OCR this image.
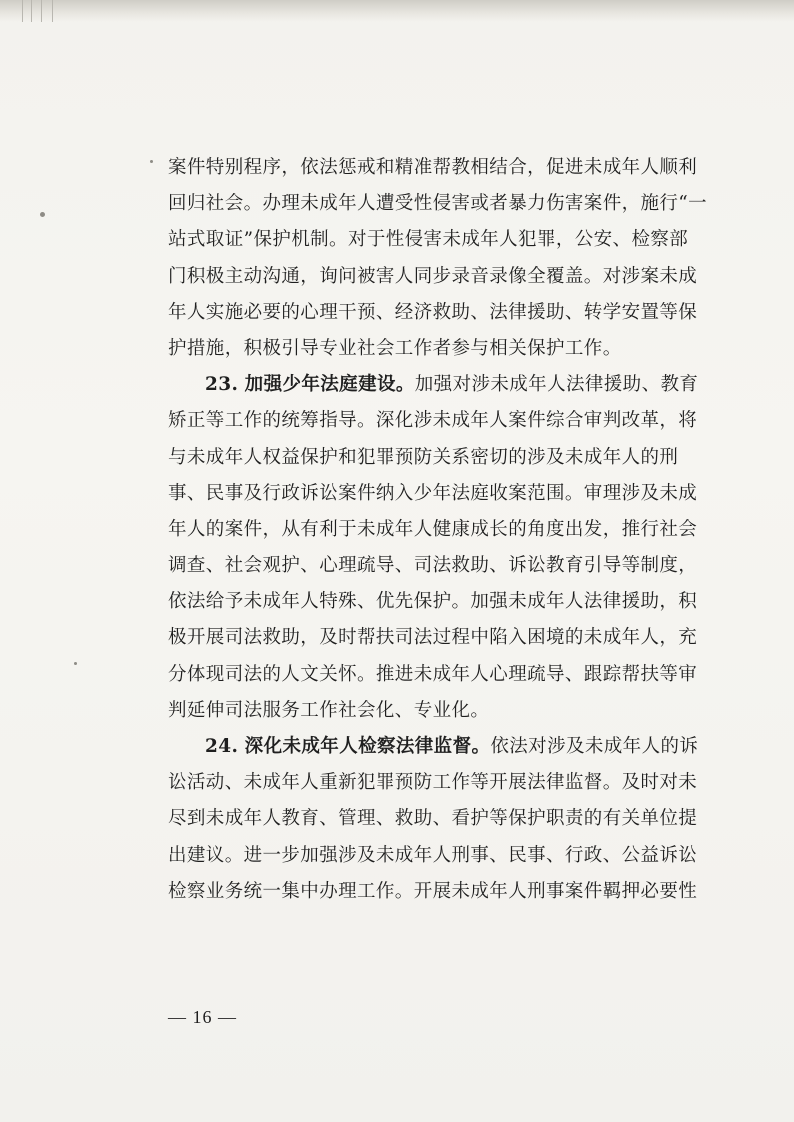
案件特别程序，依法惩戒和精准帮教相结合，促进未成年人顺利
回归社会。办理未成年人遭受性侵害或者暴力伤害案件，施行“一
站式取证”保护机制。对于性侵害未成年人犯罪，公安、检察部
门积极主动沟通，询问被害人同步录音录像全覆盖。对涉案未成
年人实施必要的心理干预、经济救助、法律援助、转学安置等保
护措施，积极引导专业社会工作者参与相关保护工作。
23. 加强少年法庭建设。加强对涉未成年人法律援助、教育
矫正等工作的统筹指导。深化涉未成年人案件综合审判改革，将
与未成年人权益保护和犯罪预防关系密切的涉及未成年人的刑
事、民事及行政诉讼案件纳入少年法庭收案范围。审理涉及未成
年人的案件，从有利于未成年人健康成长的角度出发，推行社会
调查、社会观护、心理疏导、司法救助、诉讼教育引导等制度，
依法给予未成年人特殊、优先保护。加强未成年人法律援助，积
极开展司法救助，及时帮扶司法过程中陷入困境的未成年人，充
分体现司法的人文关怀。推进未成年人心理疏导、跟踪帮扶等审
判延伸司法服务工作社会化、专业化。
24. 深化未成年人检察法律监督。依法对涉及未成年人的诉
讼活动、未成年人重新犯罪预防工作等开展法律监督。及时对未
尽到未成年人教育、管理、救助、看护等保护职责的有关单位提
出建议。进一步加强涉及未成年人刑事、民事、行政、公益诉讼
检察业务统一集中办理工作。开展未成年人刑事案件羁押必要性
— 16 —
